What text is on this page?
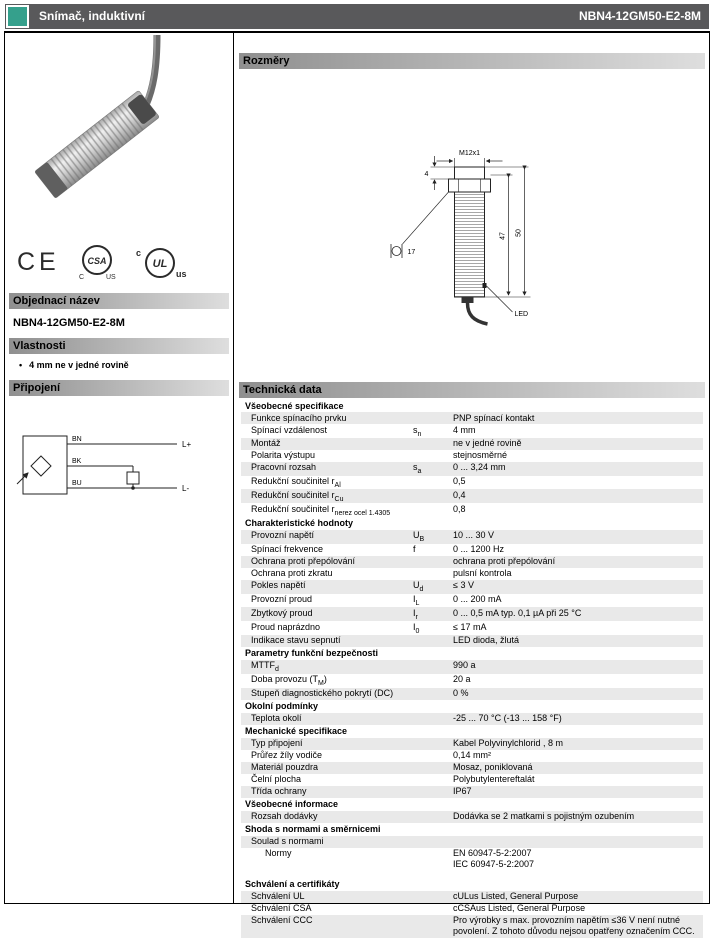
Snímač, induktivní	NBN4-12GM50-E2-8M
CE	CSA
C	US
c
UL
us
Objednací název
NBN4-12GM50-E2-8M
Vlastnosti
• 4 mm ne v jedné rovině
Připojení
BN
BK
BU
L+
L-
Rozměry
LED
M12x1
4
47 50
17
Technická data
Všeobecné specifikace
Funkce spínacího prvku	PNP spínací kontakt
Spínací vzdálenost	$s_n$	4 mm
Montáž	ne v jedné rovině
Polarita výstupu	stejnosměrné
Pracovní rozsah	$s_a$	0 ... 3,24 mm
Redukční součinitel $r_{Al}$	0,5
Redukční součinitel $r_{Cu}$	0,4
Redukční součinitel $r_{nerez ocel 1.4305}$	0,8
Charakteristické hodnoty
Provozní napětí	$U_B$	10 ... 30 V
Spínací frekvence	f	0 ... 1200 Hz
Ochrana proti přepólování	ochrana proti přepólování
Ochrana proti zkratu	pulsní kontrola
Pokles napětí	$U_d$	≤ 3 V
Provozní proud	$I_L$	0 ... 200 mA
Zbytkový proud	$I_r$	0 ... 0,5 mA typ. 0,1 µA při 25 °C
Proud naprázdno	$I_0$	≤ 17 mA
Indikace stavu sepnutí	LED dioda, žlutá
Parametry funkční bezpečnosti
$MTTF_d$	990 a
Doba provozu $(T_M)$	20 a
Stupeň diagnostického pokrytí (DC)	0 %
Okolní podmínky
Teplota okolí	-25 ... 70 °C (-13 ... 158 °F)
Mechanické specifikace
Typ připojení	Kabel Polyvinylchlorid , 8 m
Průřez žíly vodiče	0,14 mm²
Materiál pouzdra	Mosaz, poniklovaná
Čelní plocha	Polybutylentereftalát
Třída ochrany	IP67
Všeobecné informace
Rozsah dodávky	Dodávka se 2 matkami s pojistným ozubením
Shoda s normami a směrnicemi
Soulad s normami
Normy	EN 60947-5-2:2007
IEC 60947-5-2:2007
Schválení a certifikáty
Schválení UL	cULus Listed, General Purpose
Schválení CSA	cCSAus Listed, General Purpose
Schválení CCC	Pro výrobky s max. provozním napětím ≤36 V není nutné povolení. Z tohoto důvodu nejsou opatřeny označením CCC.
